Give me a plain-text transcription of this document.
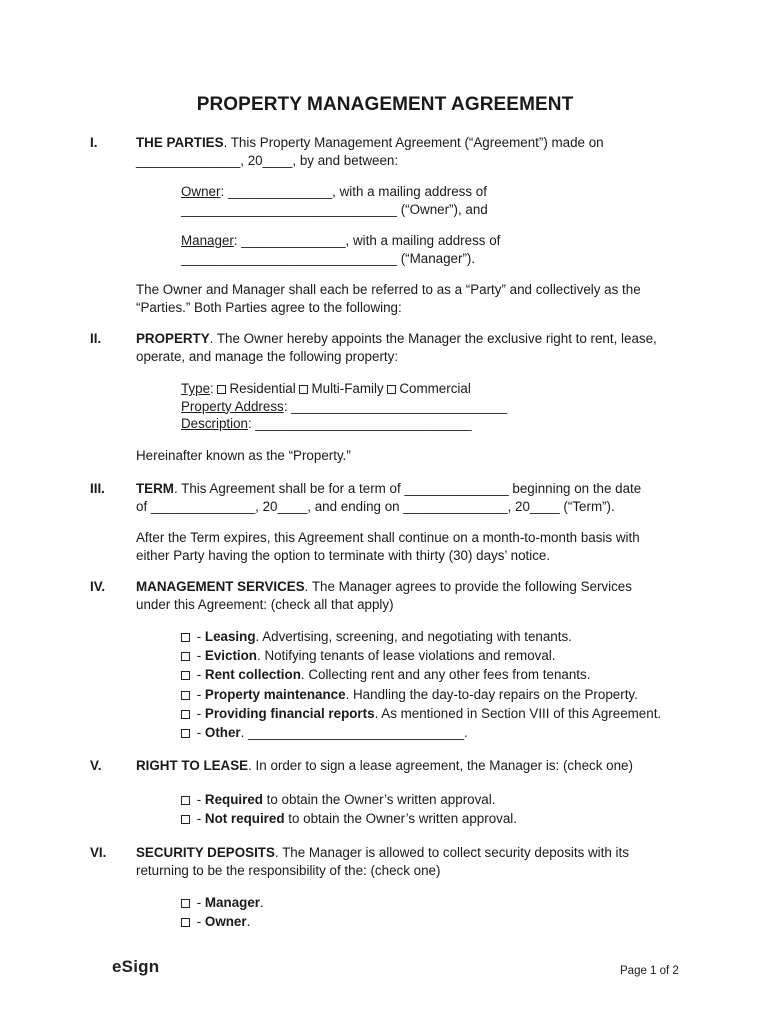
PROPERTY MANAGEMENT AGREEMENT
I.	THE PARTIES. This Property Management Agreement (“Agreement”) made on
______________, 20____, by and between:
Owner: ______________, with a mailing address of
_____________________________ (“Owner”), and
Manager: ______________, with a mailing address of
_____________________________ (“Manager”).
The Owner and Manager shall each be referred to as a “Party” and collectively as the
“Parties.” Both Parties agree to the following:
II.	PROPERTY. The Owner hereby appoints the Manager the exclusive right to rent, lease,
operate, and manage the following property:
Type: Residential Multi-Family Commercial
Property Address: _____________________________
Description: _____________________________
Hereinafter known as the “Property.”
III. TERM. This Agreement shall be for a term of ______________ beginning on the date
of ______________, 20____, and ending on ______________, 20____ (“Term”).
After the Term expires, this Agreement shall continue on a month-to-month basis with
either Party having the option to terminate with thirty (30) days’ notice.
IV. MANAGEMENT SERVICES. The Manager agrees to provide the following Services
under this Agreement: (check all that apply)
- Leasing. Advertising, screening, and negotiating with tenants.
- Eviction. Notifying tenants of lease violations and removal.
- Rent collection. Collecting rent and any other fees from tenants.
- Property maintenance. Handling the day-to-day repairs on the Property.
- Providing financial reports. As mentioned in Section VIII of this Agreement.
- Other. _____________________________.
V.	RIGHT TO LEASE. In order to sign a lease agreement, the Manager is: (check one)
- Required to obtain the Owner’s written approval.
- Not required to obtain the Owner’s written approval.
VI. SECURITY DEPOSITS. The Manager is allowed to collect security deposits with its
returning to be the responsibility of the: (check one)
- Manager.
- Owner.
eSign	Page 1 of 2
